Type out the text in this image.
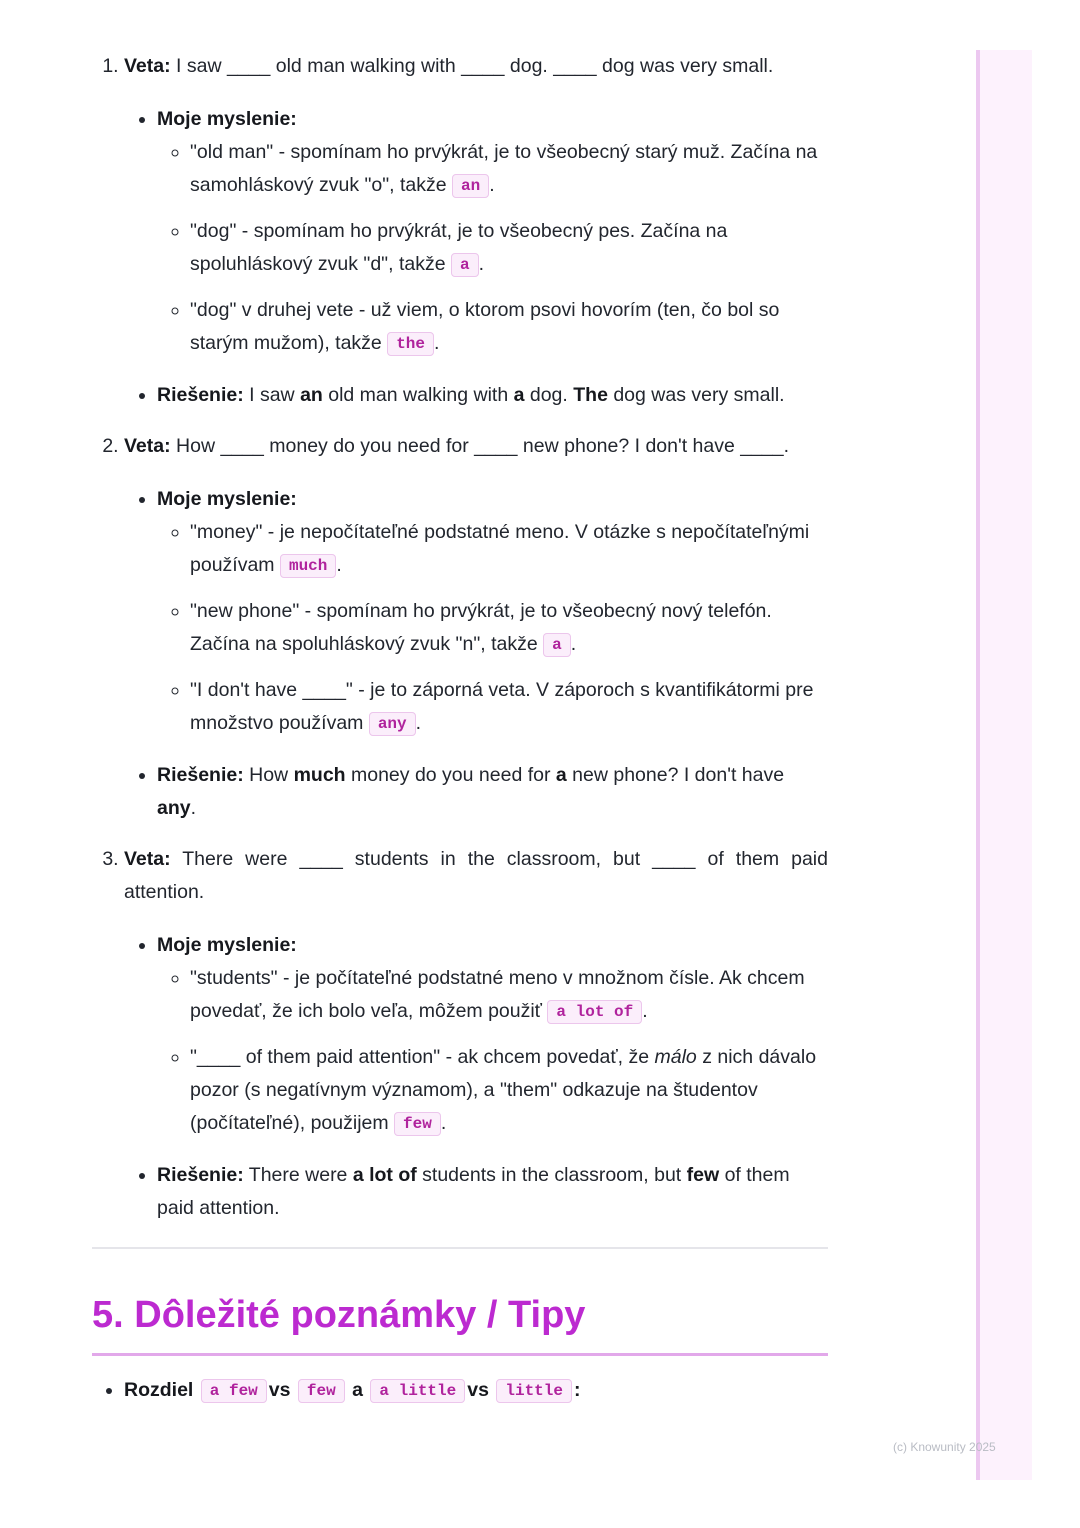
(c) Knowunity 2025
1. Veta: I saw ____ old man walking with ____ dog. ____ dog was very small.
• Moje myslenie:
◦ "old man" - spomínam ho prvýkrát, je to všeobecný starý muž. Začína na samohláskový zvuk "o", takže an .
◦ "dog" - spomínam ho prvýkrát, je to všeobecný pes. Začína na spoluhláskový zvuk "d", takže a .
◦ "dog" v druhej vete - už viem, o ktorom psovi hovorím (ten, čo bol so starým mužom), takže the .
• Riešenie: I saw an old man walking with a dog. The dog was very small.
2. Veta: How ____ money do you need for ____ new phone? I don't have ____.
• Moje myslenie:
◦ "money" - je nepočítateľné podstatné meno. V otázke s nepočítateľnými používam much .
◦ "new phone" - spomínam ho prvýkrát, je to všeobecný nový telefón. Začína na spoluhláskový zvuk "n", takže a .
◦ "I don't have ____" - je to záporná veta. V záporoch s kvantifikátormi pre množstvo používam any .
• Riešenie: How much money do you need for a new phone? I don't have any.
3. Veta: There were ____ students in the classroom, but ____ of them paid attention.
• Moje myslenie:
◦ "students" - je počítateľné podstatné meno v množnom čísle. Ak chcem povedať, že ich bolo veľa, môžem použiť a lot of .
◦ "____ of them paid attention" - ak chcem povedať, že málo z nich dávalo pozor (s negatívnym významom), a "them" odkazuje na študentov (počítateľné), použijem few .
• Riešenie: There were a lot of students in the classroom, but few of them paid attention.
5. Dôležité poznámky / Tipy
• Rozdiel a few vs few a a little vs little :
